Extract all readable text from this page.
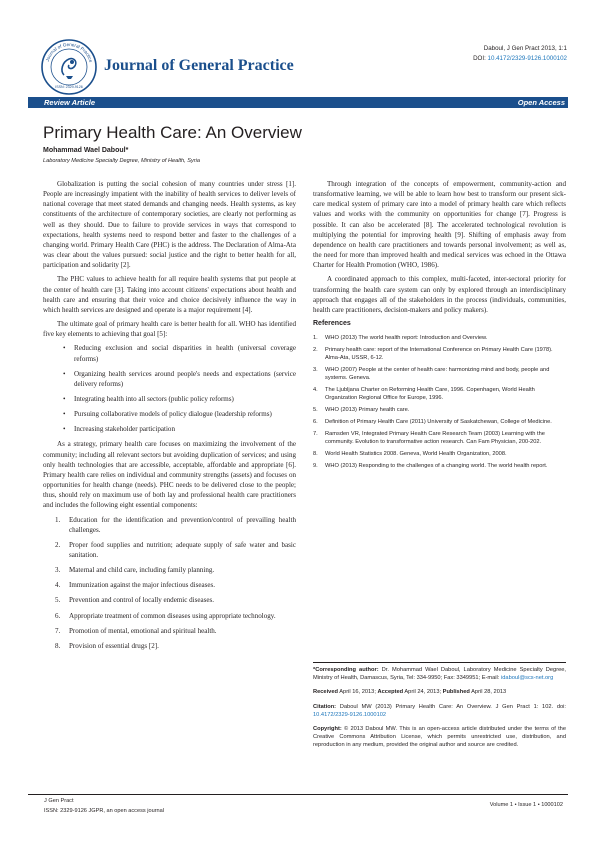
Journal of General Practice
ISSN: 2329-9126
Journal of General Practice
Daboul, J Gen Pract 2013, 1:1
DOI: 10.4172/2329-9126.1000102
Review Article	Open Access
Primary Health Care: An Overview
Mohammad Wael Daboul*
Laboratory Medicine Specialty Degree, Ministry of Health, Syria

Globalization is putting the social cohesion of many countries under stress [1]. People are increasingly impatient with the inability of health services to deliver levels of national coverage that meet stated demands and changing needs. Health systems, as key constituents of the architecture of contemporary societies, are clearly not performing as well as they should. Due to failure to provide services in ways that correspond to expectations, health systems need to respond better and faster to the challenges of a changing world. Primary Health Care (PHC) is the address. The Declaration of Alma-Ata was clear about the values pursued: social justice and the right to better health for all, participation and solidarity [2].

The PHC values to achieve health for all require health systems that put people at the center of health care [3]. Taking into account citizens' expectations about health and health care and ensuring that their voice and choice decisively influence the way in which health services are designed and operate is a major requirement [4].

The ultimate goal of primary health care is better health for all. WHO has identified five key elements to achieving that goal [5]:

• Reducing exclusion and social disparities in health (universal coverage reforms)
• Organizing health services around people's needs and expectations (service delivery reforms)
• Integrating health into all sectors (public policy reforms)
• Pursuing collaborative models of policy dialogue (leadership reforms)
• Increasing stakeholder participation

As a strategy, primary health care focuses on maximizing the involvement of the community; including all relevant sectors but avoiding duplication of services; and using only health technologies that are accessible, acceptable, affordable and appropriate [6]. Primary health care relies on individual and community strengths (assets) and focuses on opportunities for health change (needs). PHC needs to be delivered close to the people; thus, should rely on maximum use of both lay and professional health care practitioners and includes the following eight essential components:

1.	Education for the identification and prevention/control of prevailing health challenges.
2.	Proper food supplies and nutrition; adequate supply of safe water and basic sanitation.
3.	Maternal and child care, including family planning.
4.	Immunization against the major infectious diseases.
5.	Prevention and control of locally endemic diseases.
6.	Appropriate treatment of common diseases using appropriate technology.
7.	Promotion of mental, emotional and spiritual health.
8.	Provision of essential drugs [2].

Through integration of the concepts of empowerment, community-action and transformative learning, we will be able to learn how best to transform our present sick-care medical system of primary care into a model of primary health care which reflects values and works with the community on opportunities for change [7]. Progress is possible. It can also be accelerated [8]. The accelerated technological revolution is multiplying the potential for improving health [9]. Shifting of emphasis away from dependence on health care practitioners and towards personal involvement; as well as, the need for more than improved health and medical services was echoed in the Ottawa Charter for Health Promotion (WHO, 1986).

A coordinated approach to this complex, multi-faceted, inter-sectoral priority for transforming the health care system can only by explored through an interdisciplinary approach that engages all of the stakeholders in the process (individuals, communities, health care practitioners, decision-makers and policy makers).

References
1.	WHO (2013) The world health report: Introduction and Overview.
2.	Primary health care: report of the International Conference on Primary Health Care (1978). Alma-Ata, USSR, 6-12.
3.	WHO (2007) People at the center of health care: harmonizing mind and body, people and systems. Geneva.
4.	The Ljubljana Charter on Reforming Health Care, 1996. Copenhagen, World Health Organization Regional Office for Europe, 1996.
5.	WHO (2013) Primary health care.
6.	Definition of Primary Health Care (2011) University of Saskatchewan, College of Medicine.
7.	Ramsden VR, Integrated Primary Health Care Research Team (2003) Learning with the community. Evolution to transformative action research. Can Fam Physician, 200-202.
8.	World Health Statistics 2008. Geneva, World Health Organization, 2008.
9.	WHO (2013) Responding to the challenges of a changing world. The world health report.

*Corresponding author: Dr. Mohammad Wael Daboul, Laboratory Medicine Specialty Degree, Ministry of Health, Damascus, Syria, Tel: 334-9950; Fax: 3349951; E-mail: idaboul@scs-net.org

Received April 16, 2013; Accepted April 24, 2013; Published April 28, 2013

Citation: Daboul MW (2013) Primary Health Care: An Overview. J Gen Pract 1: 102. doi: 10.4172/2329-9126.1000102

Copyright: © 2013 Daboul MW. This is an open-access article distributed under the terms of the Creative Commons Attribution License, which permits unrestricted use, distribution, and reproduction in any medium, provided the original author and source are credited.

J Gen Pract
ISSN: 2329-9126 JGPR, an open access journal
Volume 1 • Issue 1 • 1000102
